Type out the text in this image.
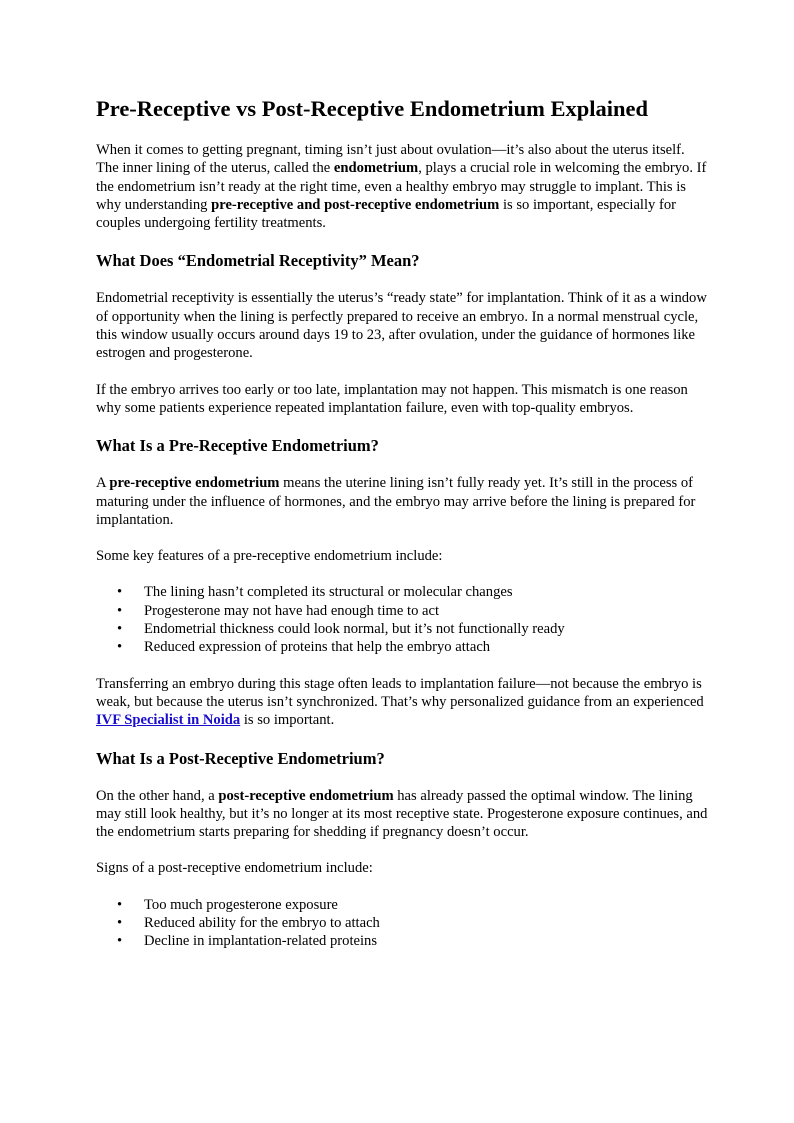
Pre-Receptive vs Post-Receptive Endometrium Explained

When it comes to getting pregnant, timing isn’t just about ovulation—it’s also about the uterus itself. The inner lining of the uterus, called the endometrium, plays a crucial role in welcoming the embryo. If the endometrium isn’t ready at the right time, even a healthy embryo may struggle to implant. This is why understanding pre-receptive and post-receptive endometrium is so important, especially for couples undergoing fertility treatments.

What Does “Endometrial Receptivity” Mean?

Endometrial receptivity is essentially the uterus’s “ready state” for implantation. Think of it as a window of opportunity when the lining is perfectly prepared to receive an embryo. In a normal menstrual cycle, this window usually occurs around days 19 to 23, after ovulation, under the guidance of hormones like estrogen and progesterone.

If the embryo arrives too early or too late, implantation may not happen. This mismatch is one reason why some patients experience repeated implantation failure, even with top-quality embryos.

What Is a Pre-Receptive Endometrium?

A pre-receptive endometrium means the uterine lining isn’t fully ready yet. It’s still in the process of maturing under the influence of hormones, and the embryo may arrive before the lining is prepared for implantation.

Some key features of a pre-receptive endometrium include:

• The lining hasn’t completed its structural or molecular changes
• Progesterone may not have had enough time to act
• Endometrial thickness could look normal, but it’s not functionally ready
• Reduced expression of proteins that help the embryo attach

Transferring an embryo during this stage often leads to implantation failure—not because the embryo is weak, but because the uterus isn’t synchronized. That’s why personalized guidance from an experienced IVF Specialist in Noida is so important.

What Is a Post-Receptive Endometrium?

On the other hand, a post-receptive endometrium has already passed the optimal window. The lining may still look healthy, but it’s no longer at its most receptive state. Progesterone exposure continues, and the endometrium starts preparing for shedding if pregnancy doesn’t occur.

Signs of a post-receptive endometrium include:

• Too much progesterone exposure
• Reduced ability for the embryo to attach
• Decline in implantation-related proteins
